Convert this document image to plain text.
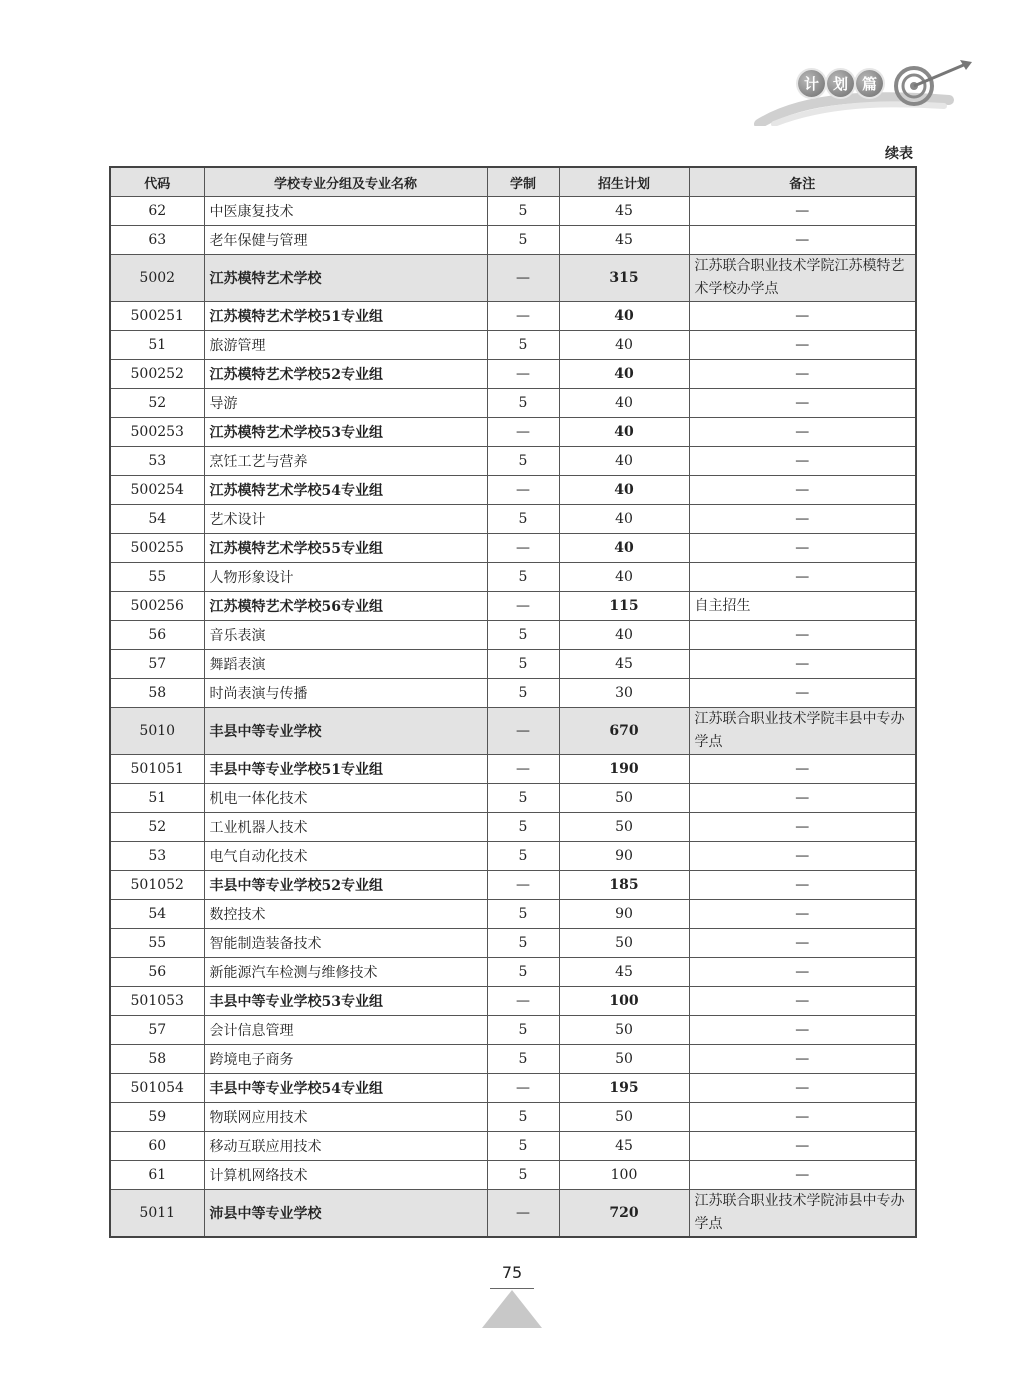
计 划 篇
续表
代码	学校专业分组及专业名称	学制	招生计划	备注
62	中医康复技术	5	45	—
63	老年保健与管理	5	45	—
5002	江苏模特艺术学校	—	315	江苏联合职业技术学院江苏模特艺术学校办学点
500251	江苏模特艺术学校51专业组	—	40	—
51	旅游管理	5	40	—
500252	江苏模特艺术学校52专业组	—	40	—
52	导游	5	40	—
500253	江苏模特艺术学校53专业组	—	40	—
53	烹饪工艺与营养	5	40	—
500254	江苏模特艺术学校54专业组	—	40	—
54	艺术设计	5	40	—
500255	江苏模特艺术学校55专业组	—	40	—
55	人物形象设计	5	40	—
500256	江苏模特艺术学校56专业组	—	115	自主招生
56	音乐表演	5	40	—
57	舞蹈表演	5	45	—
58	时尚表演与传播	5	30	—
5010	丰县中等专业学校	—	670	江苏联合职业技术学院丰县中专办学点
501051	丰县中等专业学校51专业组	—	190	—
51	机电一体化技术	5	50	—
52	工业机器人技术	5	50	—
53	电气自动化技术	5	90	—
501052	丰县中等专业学校52专业组	—	185	—
54	数控技术	5	90	—
55	智能制造装备技术	5	50	—
56	新能源汽车检测与维修技术	5	45	—
501053	丰县中等专业学校53专业组	—	100	—
57	会计信息管理	5	50	—
58	跨境电子商务	5	50	—
501054	丰县中等专业学校54专业组	—	195	—
59	物联网应用技术	5	50	—
60	移动互联应用技术	5	45	—
61	计算机网络技术	5	100	—
5011	沛县中等专业学校	—	720	江苏联合职业技术学院沛县中专办学点
75
